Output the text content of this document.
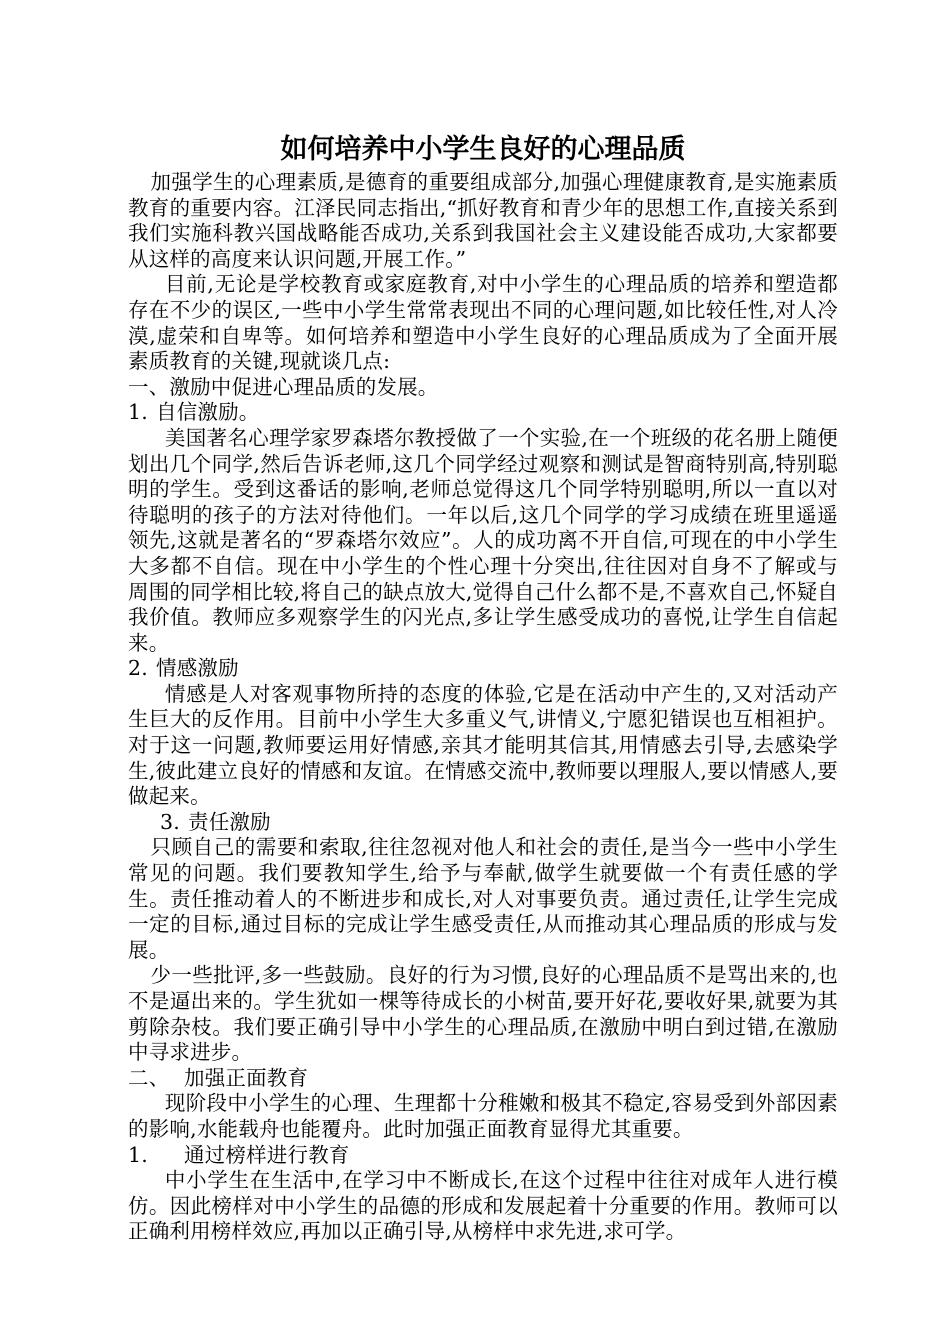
如何培养中小学生良好的心理品质

加强学生的心理素质,是德育的重要组成部分,加强心理健康教育,是实施素质教育的重要内容。江泽民同志指出,“抓好教育和青少年的思想工作,直接关系到我们实施科教兴国战略能否成功,关系到我国社会主义建设能否成功,大家都要从这样的高度来认识问题,开展工作。”

目前,无论是学校教育或家庭教育,对中小学生的心理品质的培养和塑造都存在不少的误区,一些中小学生常常表现出不同的心理问题,如比较任性,对人冷漠,虚荣和自卑等。如何培养和塑造中小学生良好的心理品质成为了全面开展素质教育的关键,现就谈几点:

一、激励中促进心理品质的发展。

1. 自信激励。

美国著名心理学家罗森塔尔教授做了一个实验,在一个班级的花名册上随便划出几个同学,然后告诉老师,这几个同学经过观察和测试是智商特别高,特别聪明的学生。受到这番话的影响,老师总觉得这几个同学特别聪明,所以一直以对待聪明的孩子的方法对待他们。一年以后,这几个同学的学习成绩在班里遥遥领先,这就是著名的“罗森塔尔效应”。人的成功离不开自信,可现在的中小学生大多都不自信。现在中小学生的个性心理十分突出,往往因对自身不了解或与周围的同学相比较,将自己的缺点放大,觉得自己什么都不是,不喜欢自己,怀疑自我价值。教师应多观察学生的闪光点,多让学生感受成功的喜悦,让学生自信起来。

2. 情感激励

情感是人对客观事物所持的态度的体验,它是在活动中产生的,又对活动产生巨大的反作用。目前中小学生大多重义气,讲情义,宁愿犯错误也互相袒护。对于这一问题,教师要运用好情感,亲其才能明其信其,用情感去引导,去感染学生,彼此建立良好的情感和友谊。在情感交流中,教师要以理服人,要以情感人,要做起来。

3. 责任激励

只顾自己的需要和索取,往往忽视对他人和社会的责任,是当今一些中小学生常见的问题。我们要教知学生,给予与奉献,做学生就要做一个有责任感的学生。责任推动着人的不断进步和成长,对人对事要负责。通过责任,让学生完成一定的目标,通过目标的完成让学生感受责任,从而推动其心理品质的形成与发展。

少一些批评,多一些鼓励。良好的行为习惯,良好的心理品质不是骂出来的,也不是逼出来的。学生犹如一棵等待成长的小树苗,要开好花,要收好果,就要为其剪除杂枝。我们要正确引导中小学生的心理品质,在激励中明白到过错,在激励中寻求进步。

二、 加强正面教育

现阶段中小学生的心理、生理都十分稚嫩和极其不稳定,容易受到外部因素的影响,水能载舟也能覆舟。此时加强正面教育显得尤其重要。

1. 通过榜样进行教育

中小学生在生活中,在学习中不断成长,在这个过程中往往对成年人进行模仿。因此榜样对中小学生的品德的形成和发展起着十分重要的作用。教师可以正确利用榜样效应,再加以正确引导,从榜样中求先进,求可学。
